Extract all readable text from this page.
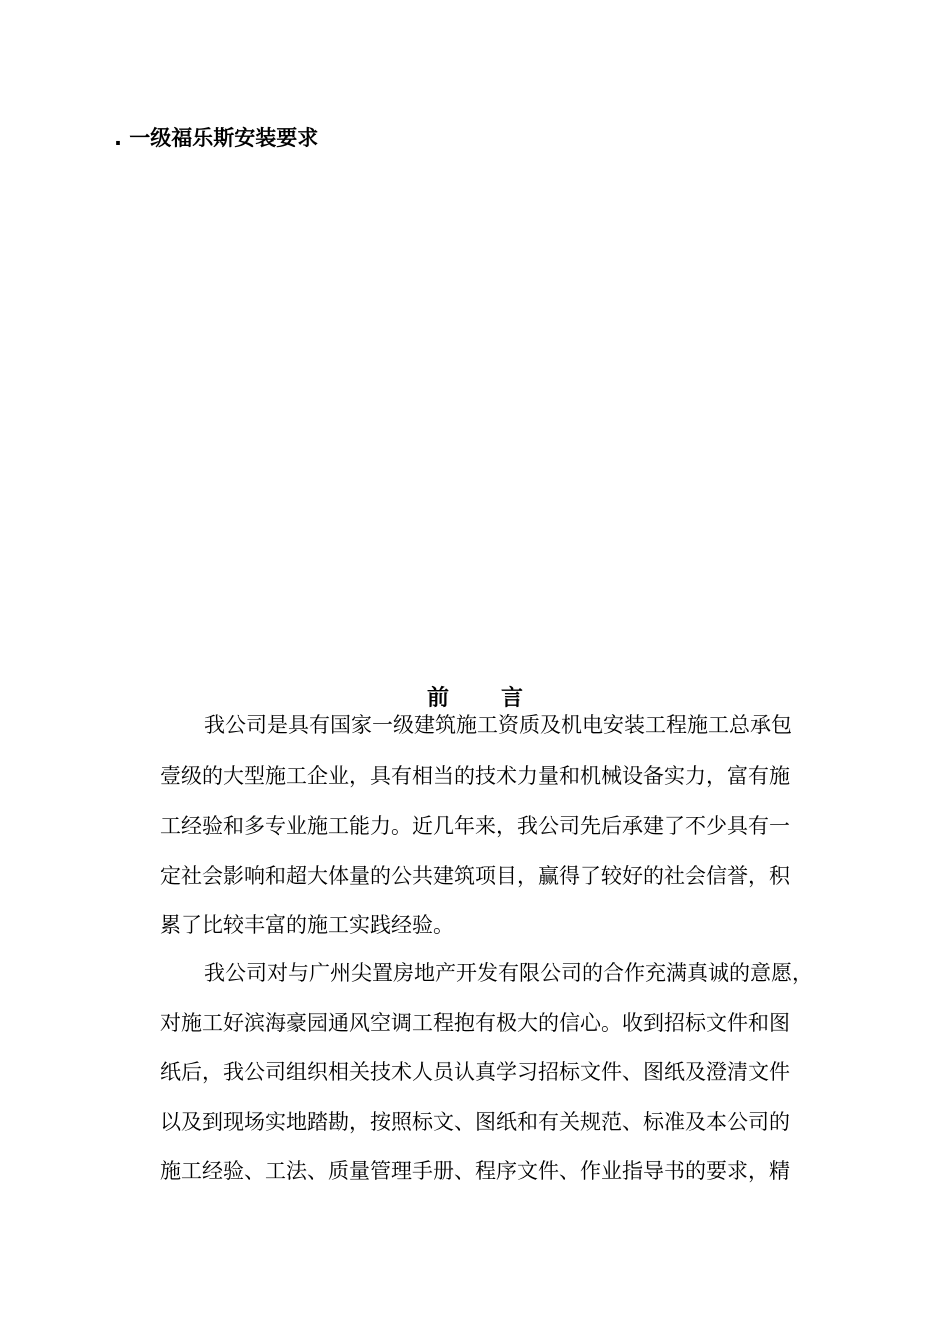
. 一级福乐斯安装要求
前 言
我公司是具有国家一级建筑施工资质及机电安装工程施工总承包
壹级的大型施工企业，具有相当的技术力量和机械设备实力，富有施
工经验和多专业施工能力。近几年来，我公司先后承建了不少具有一
定社会影响和超大体量的公共建筑项目，赢得了较好的社会信誉，积
累了比较丰富的施工实践经验。
我公司对与广州尖置房地产开发有限公司的合作充满真诚的意愿，
对施工好滨海豪园通风空调工程抱有极大的信心。收到招标文件和图
纸后，我公司组织相关技术人员认真学习招标文件、图纸及澄清文件
以及到现场实地踏勘，按照标文、图纸和有关规范、标准及本公司的
施工经验、工法、质量管理手册、程序文件、作业指导书的要求，精
